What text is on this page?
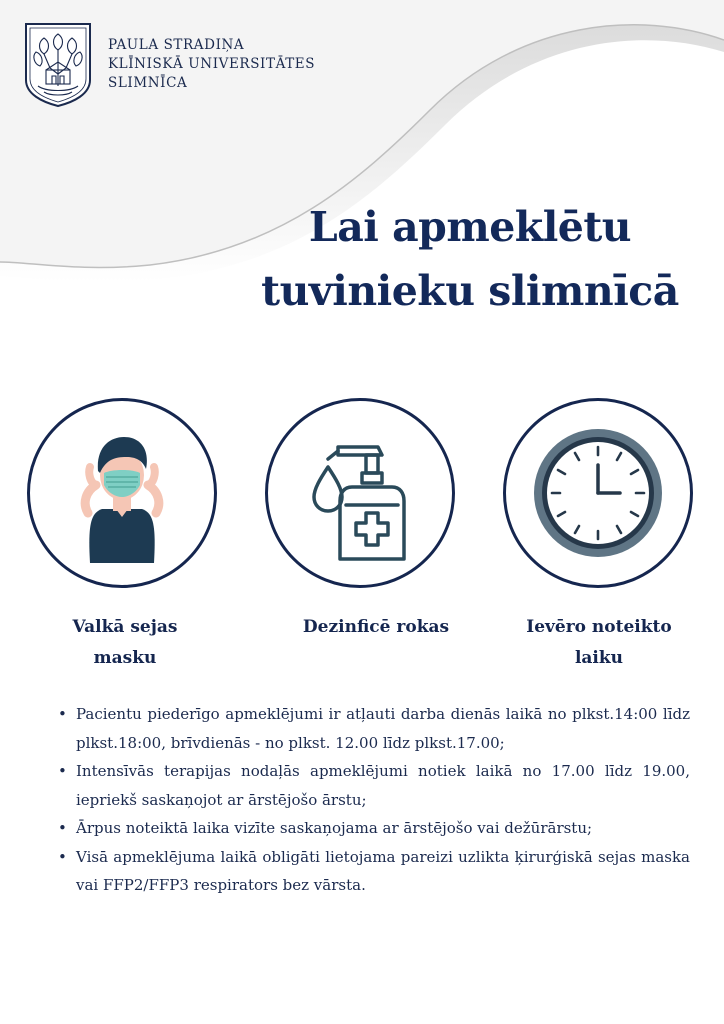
PAULA STRADIŅA
KLĪNISKĀ UNIVERSITĀTES
SLIMNĪCA
Lai apmeklētu
tuvinieku slimnīcā
Valkā sejas
masku
Dezinficē rokas	Ievēro noteikto
laiku
• Pacientu piederīgo apmeklējumi ir atļauti darba dienās laikā no plkst.14:00 līdz plkst.18:00, brīvdienās - no plkst. 12.00 līdz plkst.17.00;
• Intensīvās terapijas nodaļās apmeklējumi notiek laikā no 17.00 līdz 19.00, iepriekš saskaņojot ar ārstējošo ārstu;
• Ārpus noteiktā laika vizīte saskaņojama ar ārstējošo vai dežūrārstu;
• Visā apmeklējuma laikā obligāti lietojama pareizi uzlikta ķirurģiskā sejas maska vai FFP2/FFP3 respirators bez vārsta.
